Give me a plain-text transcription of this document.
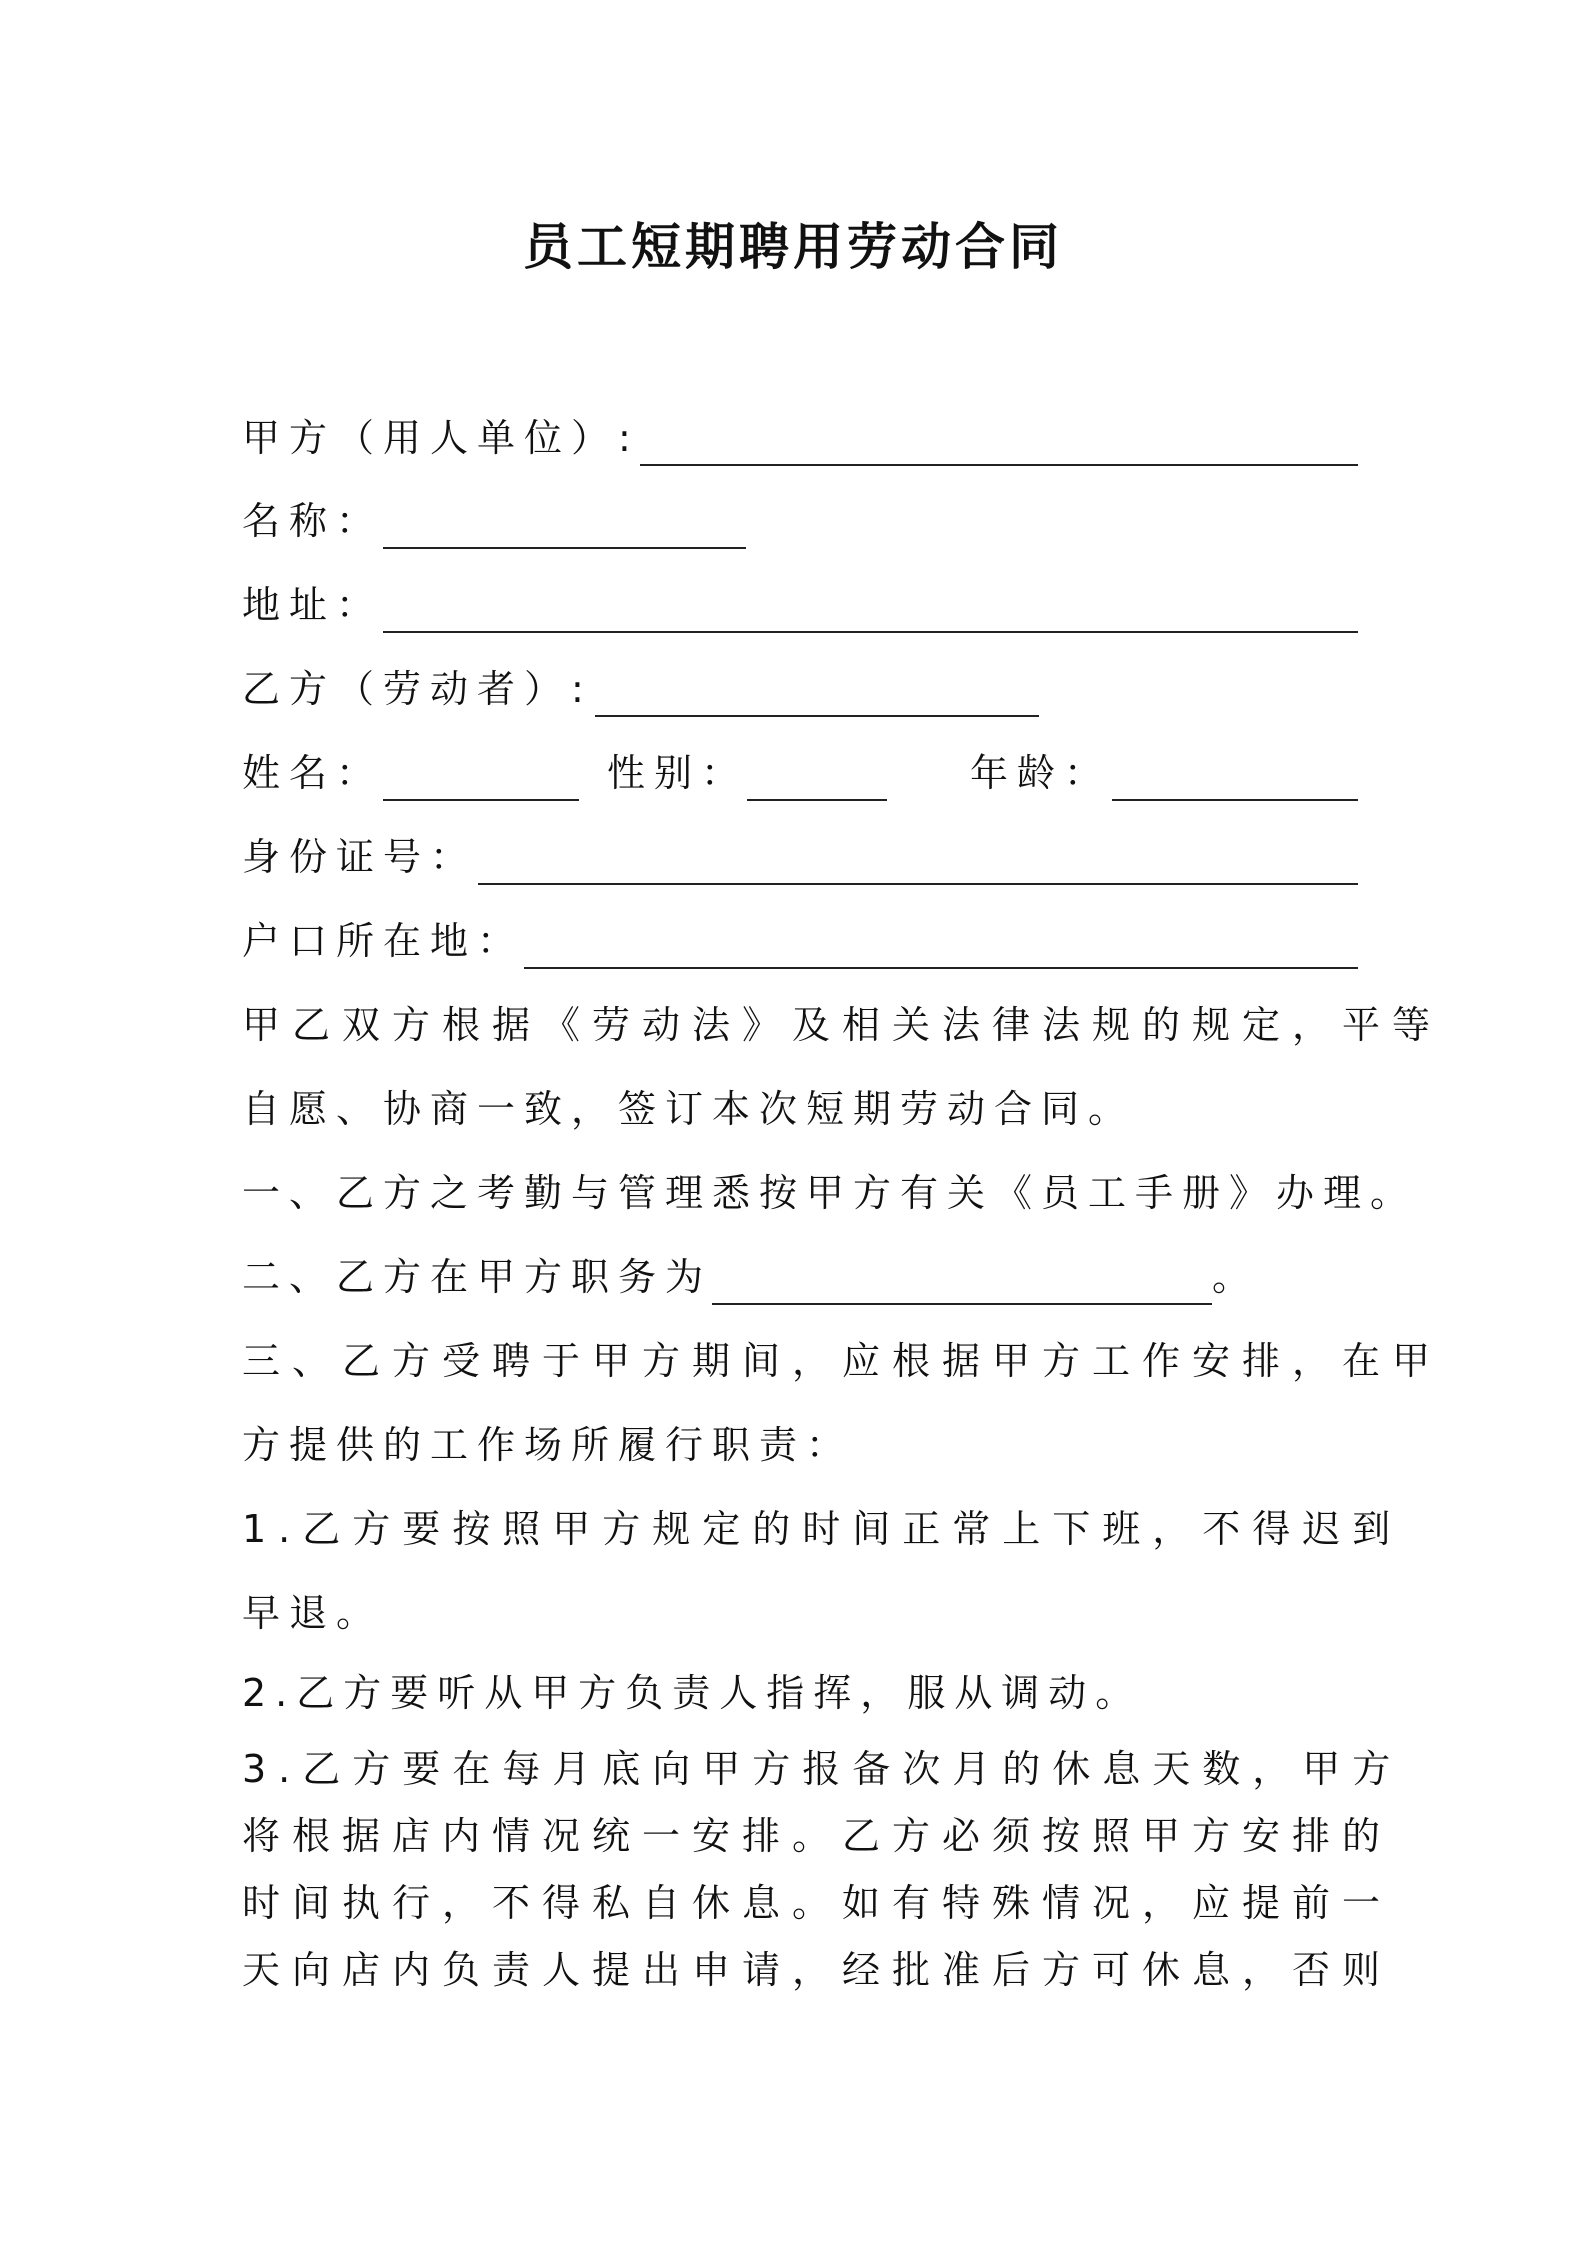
员工短期聘用劳动合同
甲方（用人单位）:
名称：
地址：
乙方（劳动者）:
姓名：	性别：	年龄：
身份证号：
户口所在地：
甲乙双方根据《劳动法》及相关法律法规的规定，平等
自愿、协商一致，签订本次短期劳动合同。
一、乙方之考勤与管理悉按甲方有关《员工手册》办理。
二、乙方在甲方职务为	。
三、乙方受聘于甲方期间，应根据甲方工作安排，在甲
方提供的工作场所履行职责：
1.乙方要按照甲方规定的时间正常上下班，不得迟到
早退。
2.乙方要听从甲方负责人指挥，服从调动。
3.乙方要在每月底向甲方报备次月的休息天数，甲方
将根据店内情况统一安排。乙方必须按照甲方安排的
时间执行，不得私自休息。如有特殊情况，应提前一
天向店内负责人提出申请，经批准后方可休息，否则
